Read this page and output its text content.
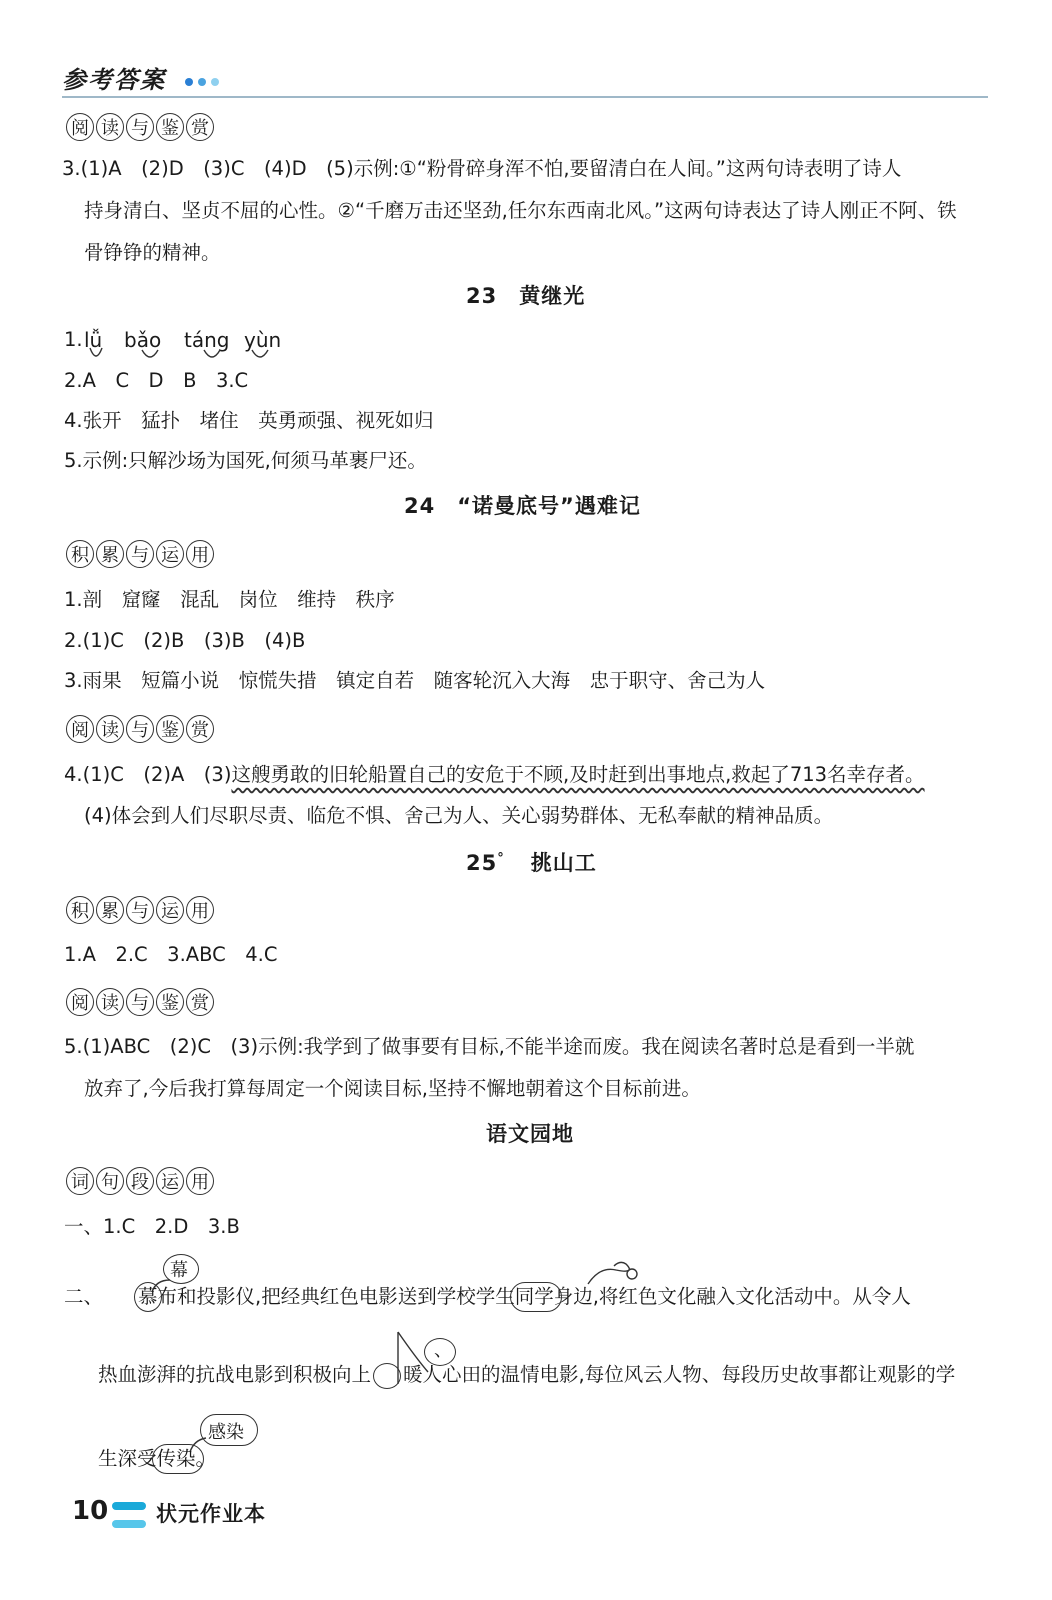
参考答案
阅 读 与 鉴 赏
3.(1)A　(2)D　(3)C　(4)D　(5)示例:①“粉骨碎身浑不怕,要留清白在人间。”这两句诗表明了诗人
持身清白、坚贞不屈的心性。②“千磨万击还坚劲,任尔东西南北风。”这两句诗表达了诗人刚正不阿、铁
骨铮铮的精神。
23　黄继光
1. lǚ bǎo táng yùn
2.A　C　D　B　3.C
4.张开　猛扑　堵住　英勇顽强、视死如归
5.示例:只解沙场为国死,何须马革裹尸还。
24　“诺曼底号”遇难记
积 累 与 运 用
1.剖　窟窿　混乱　岗位　维持　秩序
2.(1)C　(2)B　(3)B　(4)B
3.雨果　短篇小说　惊慌失措　镇定自若　随客轮沉入大海　忠于职守、舍己为人
阅 读 与 鉴 赏
4.(1)C　(2)A　(3)这艘勇敢的旧轮船置自己的安危于不顾,及时赶到出事地点,救起了713名幸存者。
(4)体会到人们尽职尽责、临危不惧、舍己为人、关心弱势群体、无私奉献的精神品质。
25° 挑山工
积 累 与 运 用
1.A　2.C　3.ABC　4.C
阅 读 与 鉴 赏
5.(1)ABC　(2)C　(3)示例:我学到了做事要有目标,不能半途而废。我在阅读名著时总是看到一半就
放弃了,今后我打算每周定一个阅读目标,坚持不懈地朝着这个目标前进。
语文园地
词 句 段 运 用
一、1.C　2.D　3.B
二、
幕
慕
布和投影仪,把经典红色电影送到学校学生同学
身边,将红色文化融入文化活动中。从令人
、
热血澎湃的抗战电影到积极向上 暖人心田的温情电影,每位风云人物、每段历史故事都让观影的学
感染
生深受传染
。
10 状元作业本
